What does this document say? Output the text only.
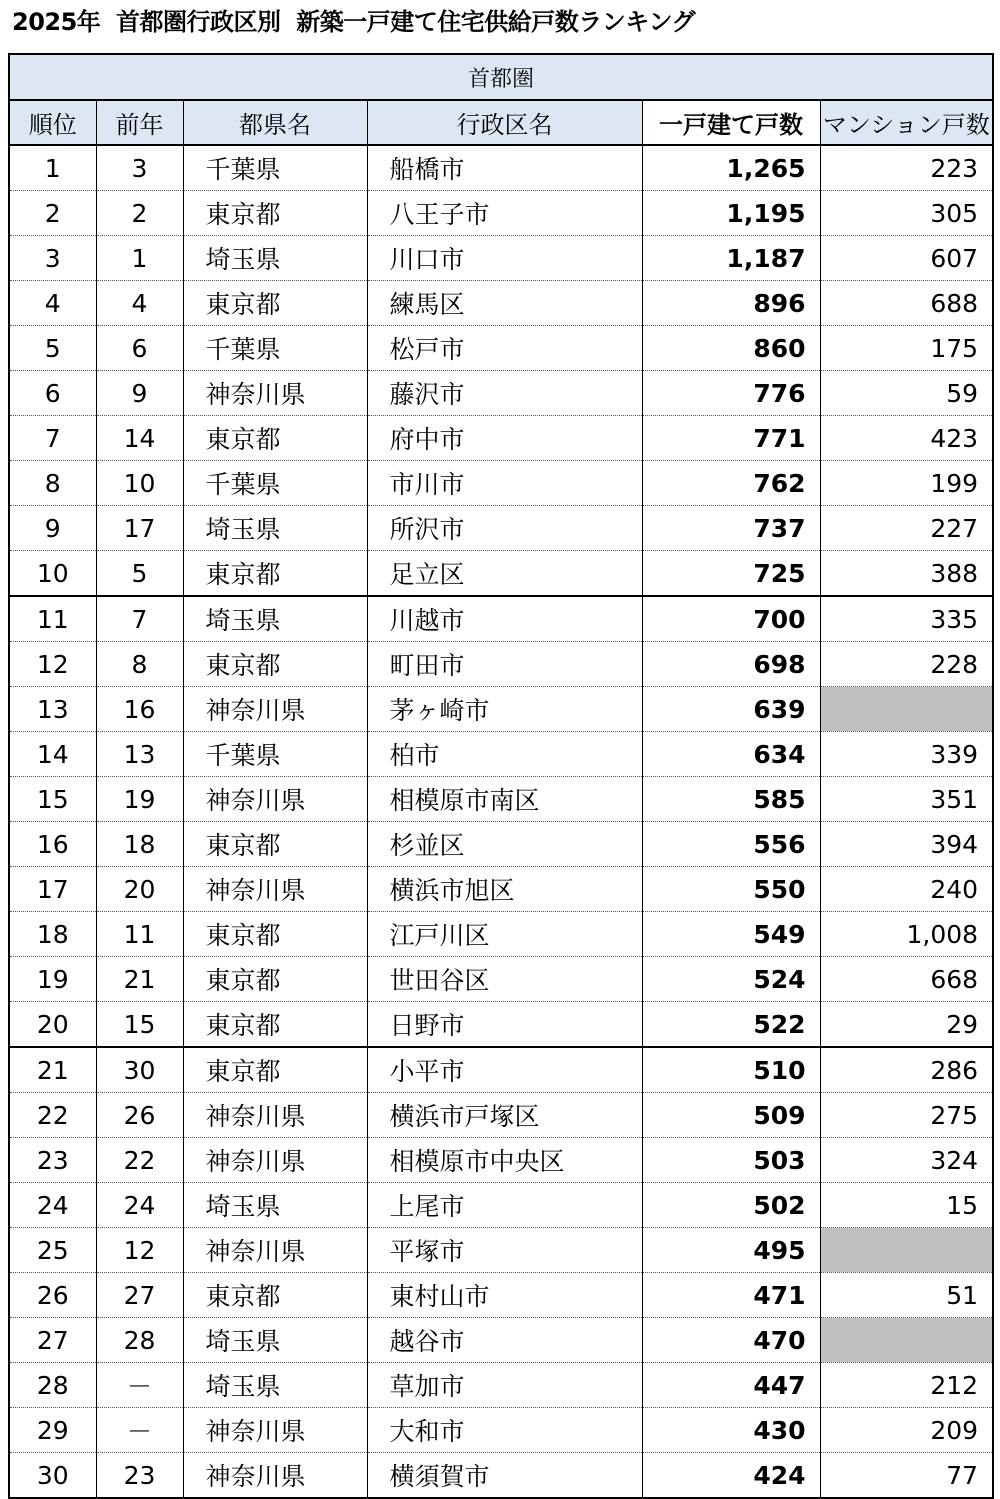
2025年  首都圏行政区別  新築一戸建て住宅供給戸数ランキング
首都圏					
順位	前年	都県名	行政区名	一戸建て戸数	マンション戸数
1	3	千葉県	船橋市	1,265	223
2	2	東京都	八王子市	1,195	305
3	1	埼玉県	川口市	1,187	607
4	4	東京都	練馬区	896	688
5	6	千葉県	松戸市	860	175
6	9	神奈川県	藤沢市	776	59
7	14	東京都	府中市	771	423
8	10	千葉県	市川市	762	199
9	17	埼玉県	所沢市	737	227
10	5	東京都	足立区	725	388
11	7	埼玉県	川越市	700	335
12	8	東京都	町田市	698	228
13	16	神奈川県	茅ヶ崎市	639	
14	13	千葉県	柏市	634	339
15	19	神奈川県	相模原市南区	585	351
16	18	東京都	杉並区	556	394
17	20	神奈川県	横浜市旭区	550	240
18	11	東京都	江戸川区	549	1,008
19	21	東京都	世田谷区	524	668
20	15	東京都	日野市	522	29
21	30	東京都	小平市	510	286
22	26	神奈川県	横浜市戸塚区	509	275
23	22	神奈川県	相模原市中央区	503	324
24	24	埼玉県	上尾市	502	15
25	12	神奈川県	平塚市	495	
26	27	東京都	東村山市	471	51
27	28	埼玉県	越谷市	470	
28	－	埼玉県	草加市	447	212
29	－	神奈川県	大和市	430	209
30	23	神奈川県	横須賀市	424	77
